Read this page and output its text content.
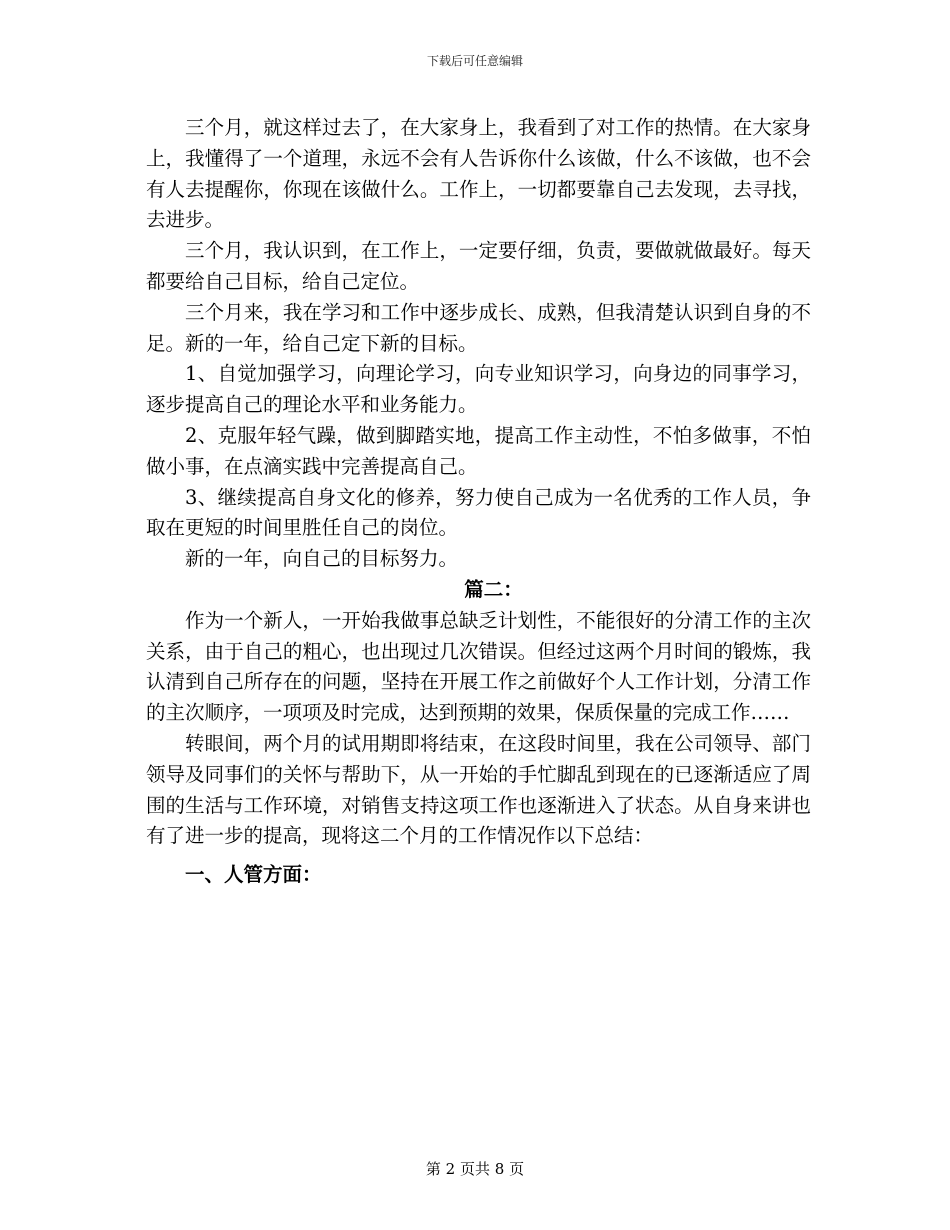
下载后可任意编辑

三个月，就这样过去了，在大家身上，我看到了对工作的热情。在大家身上，我懂得了一个道理，永远不会有人告诉你什么该做，什么不该做，也不会有人去提醒你，你现在该做什么。工作上，一切都要靠自己去发现，去寻找，去进步。

三个月，我认识到，在工作上，一定要仔细，负责，要做就做最好。每天都要给自己目标，给自己定位。

三个月来，我在学习和工作中逐步成长、成熟，但我清楚认识到自身的不足。新的一年，给自己定下新的目标。

1、自觉加强学习，向理论学习，向专业知识学习，向身边的同事学习，逐步提高自己的理论水平和业务能力。

2、克服年轻气躁，做到脚踏实地，提高工作主动性，不怕多做事，不怕做小事，在点滴实践中完善提高自己。

3、继续提高自身文化的修养，努力使自己成为一名优秀的工作人员，争取在更短的时间里胜任自己的岗位。

新的一年，向自己的目标努力。

篇二：

作为一个新人，一开始我做事总缺乏计划性，不能很好的分清工作的主次关系，由于自己的粗心，也出现过几次错误。但经过这两个月时间的锻炼，我认清到自己所存在的问题，坚持在开展工作之前做好个人工作计划，分清工作的主次顺序，一项项及时完成，达到预期的效果，保质保量的完成工作……

转眼间，两个月的试用期即将结束，在这段时间里，我在公司领导、部门领导及同事们的关怀与帮助下，从一开始的手忙脚乱到现在的已逐渐适应了周围的生活与工作环境，对销售支持这项工作也逐渐进入了状态。从自身来讲也有了进一步的提高，现将这二个月的工作情况作以下总结：

一、人管方面：

第 2 页共 8 页
